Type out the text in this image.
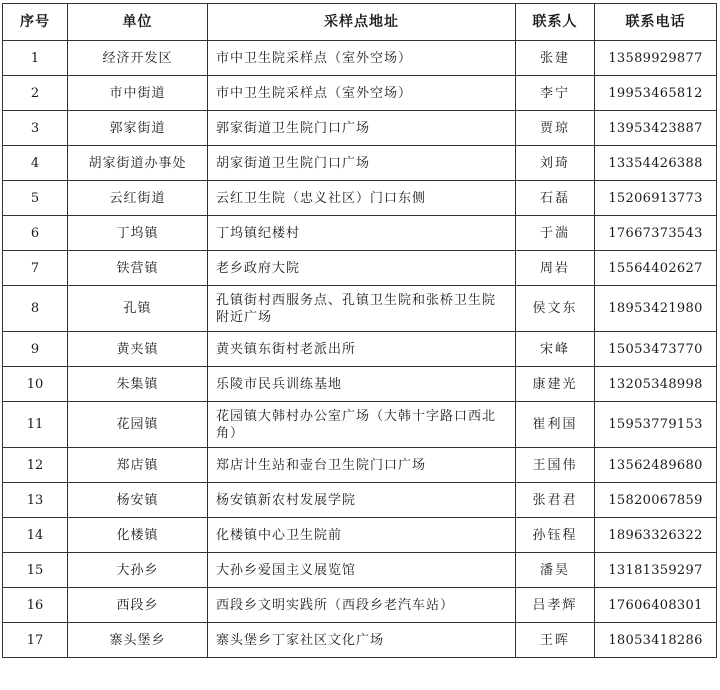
序号	单位	采样点地址	联系人	联系电话
1	经济开发区	市中卫生院采样点（室外空场）	张建	13589929877
2	市中街道	市中卫生院采样点（室外空场）	李宁	19953465812
3	郭家街道	郭家街道卫生院门口广场	贾琼	13953423887
4	胡家街道办事处	胡家街道卫生院门口广场	刘琦	13354426388
5	云红街道	云红卫生院（忠义社区）门口东侧	石磊	15206913773
6	丁坞镇	丁坞镇纪楼村	于湍	17667373543
7	铁营镇	老乡政府大院	周岩	15564402627
8	孔镇	孔镇街村西服务点、孔镇卫生院和张桥卫生院附近广场	侯文东	18953421980
9	黄夹镇	黄夹镇东街村老派出所	宋峰	15053473770
10	朱集镇	乐陵市民兵训练基地	康建光	13205348998
11	花园镇	花园镇大韩村办公室广场（大韩十字路口西北角）	崔利国	15953779153
12	郑店镇	郑店计生站和壶台卫生院门口广场	王国伟	13562489680
13	杨安镇	杨安镇新农村发展学院	张君君	15820067859
14	化楼镇	化楼镇中心卫生院前	孙钰程	18963326322
15	大孙乡	大孙乡爱国主义展览馆	潘昊	13181359297
16	西段乡	西段乡文明实践所（西段乡老汽车站）	吕孝辉	17606408301
17	寨头堡乡	寨头堡乡丁家社区文化广场	王晖	18053418286
